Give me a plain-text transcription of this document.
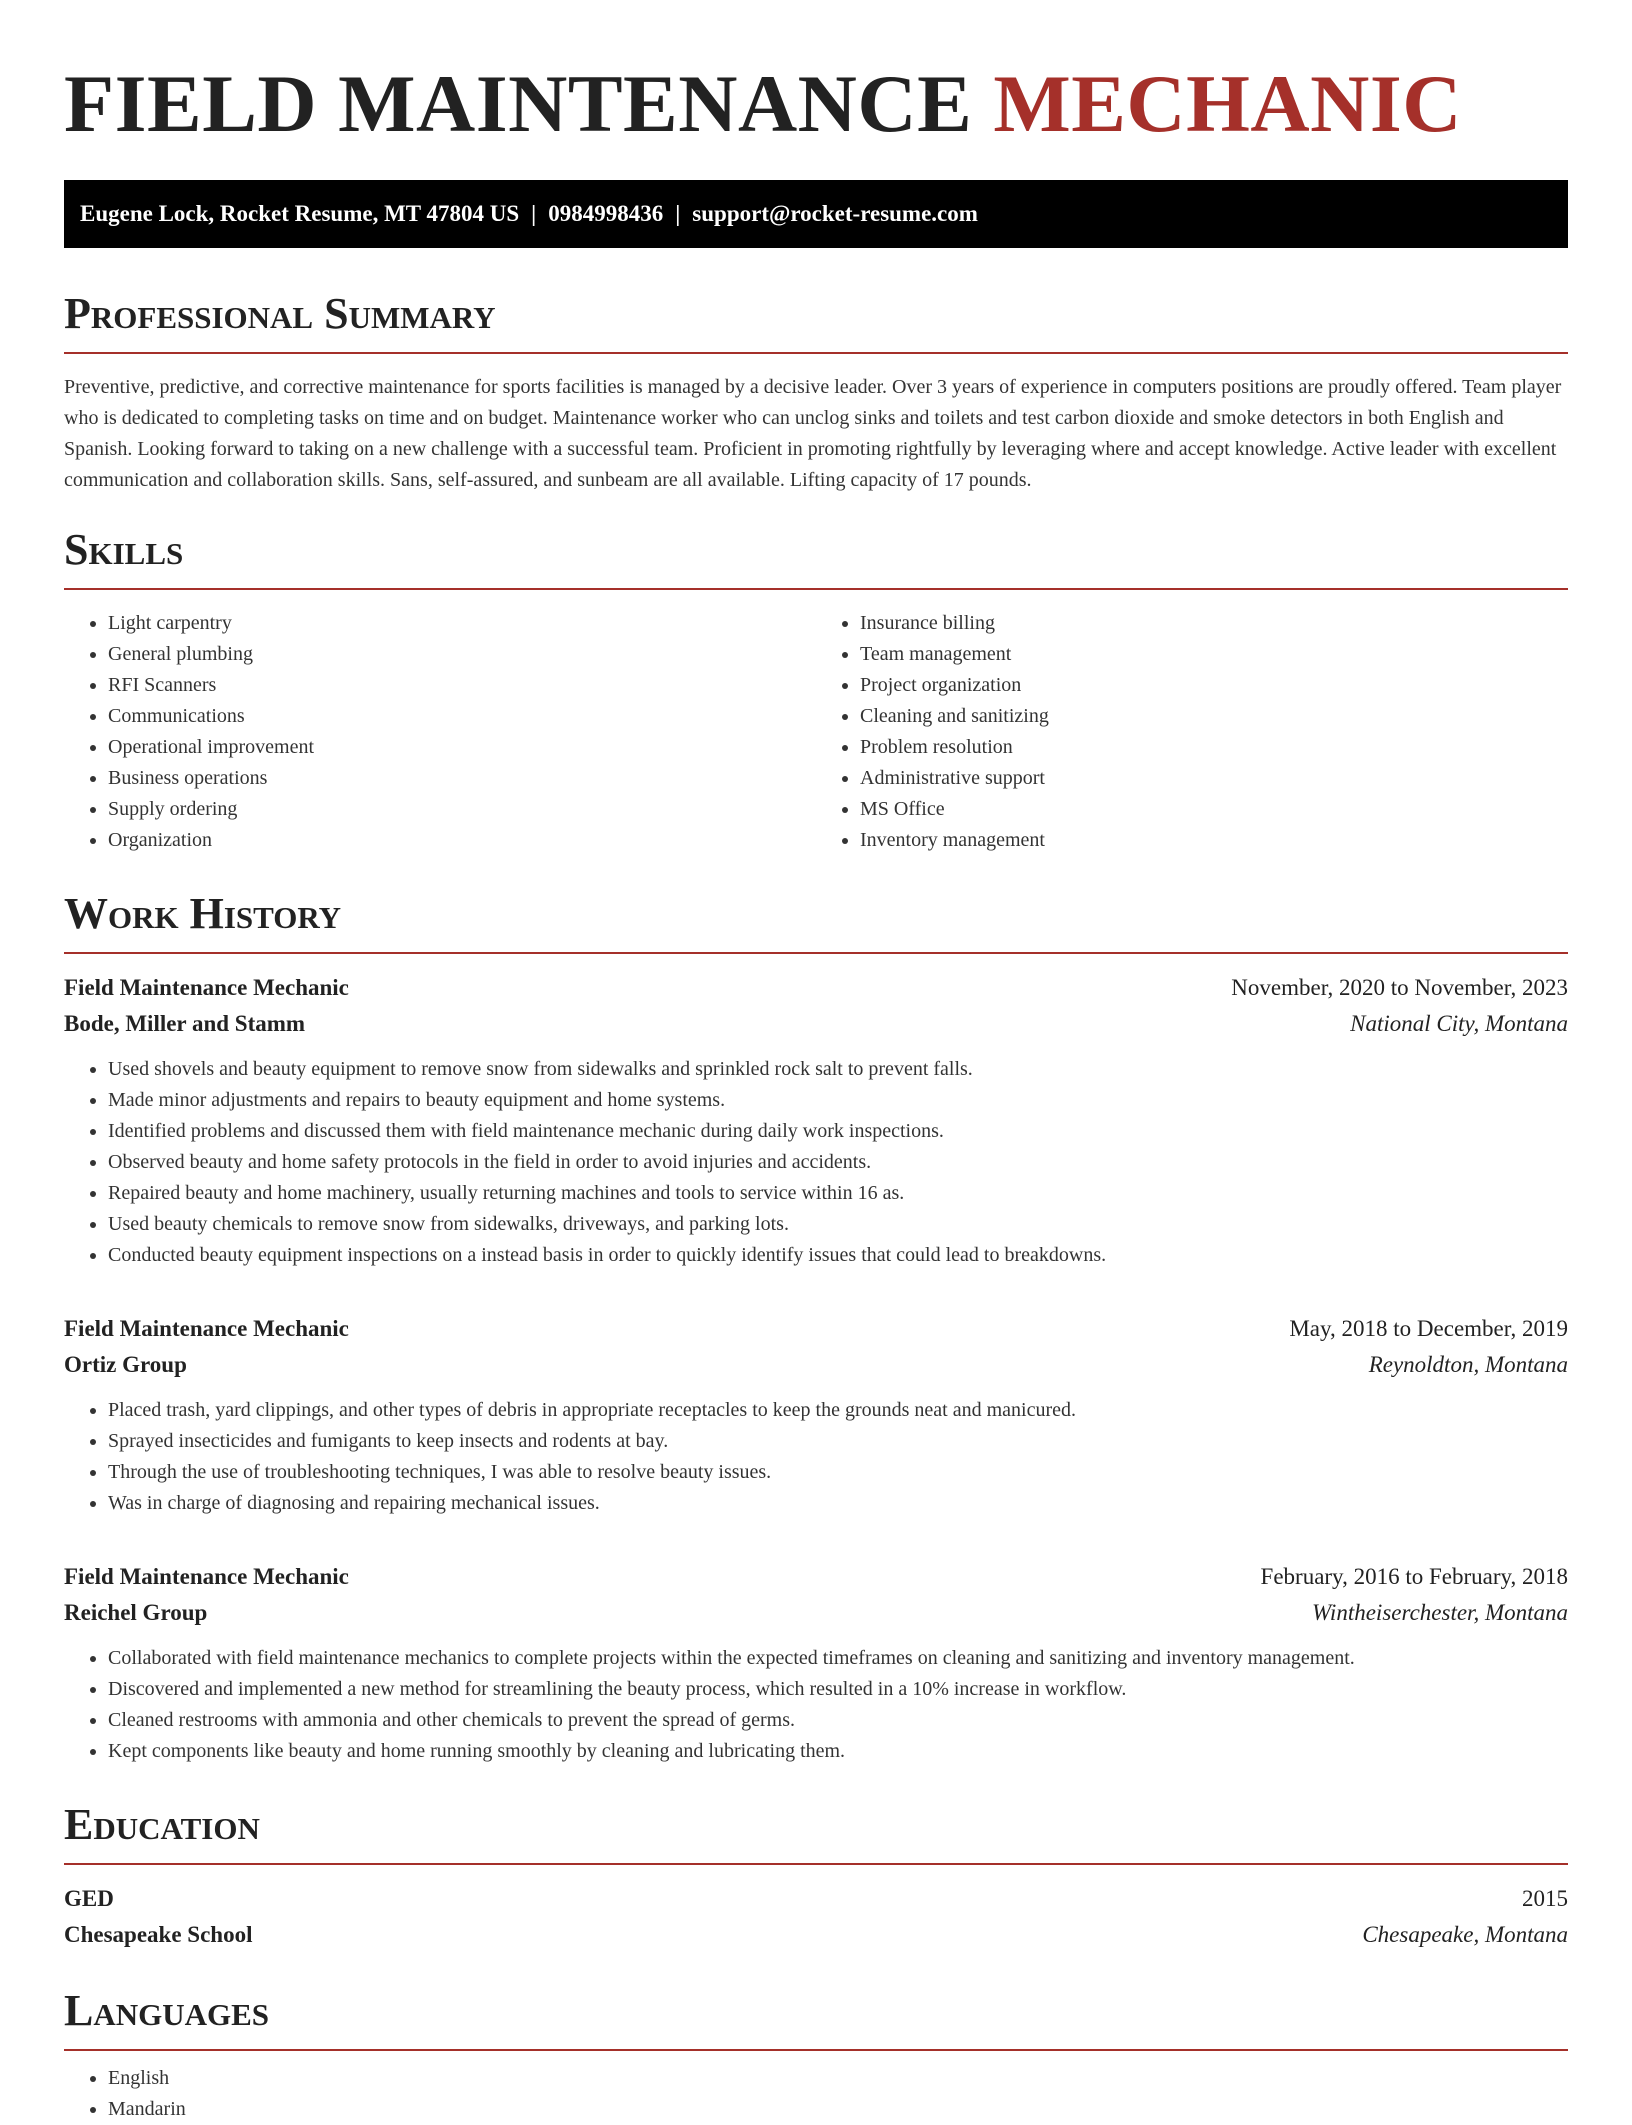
FIELD MAINTENANCE MECHANIC
Eugene Lock, Rocket Resume, MT 47804 US | 0984998436 | support@rocket-resume.com
Professional Summary

Preventive, predictive, and corrective maintenance for sports facilities is managed by a decisive leader. Over 3 years of experience in computers positions are proudly offered. Team player who is dedicated to completing tasks on time and on budget. Maintenance worker who can unclog sinks and toilets and test carbon dioxide and smoke detectors in both English and Spanish. Looking forward to taking on a new challenge with a successful team. Proficient in promoting rightfully by leveraging where and accept knowledge. Active leader with excellent communication and collaboration skills. Sans, self-assured, and sunbeam are all available. Lifting capacity of 17 pounds.

Skills
• Light carpentry
• General plumbing
• RFI Scanners
• Communications
• Operational improvement
• Business operations
• Supply ordering
• Organization
• Insurance billing
• Team management
• Project organization
• Cleaning and sanitizing
• Problem resolution
• Administrative support
• MS Office
• Inventory management
Work History
Field Maintenance Mechanic	November, 2020 to November, 2023
Bode, Miller and Stamm	National City, Montana
• Used shovels and beauty equipment to remove snow from sidewalks and sprinkled rock salt to prevent falls.
• Made minor adjustments and repairs to beauty equipment and home systems.
• Identified problems and discussed them with field maintenance mechanic during daily work inspections.
• Observed beauty and home safety protocols in the field in order to avoid injuries and accidents.
• Repaired beauty and home machinery, usually returning machines and tools to service within 16 as.
• Used beauty chemicals to remove snow from sidewalks, driveways, and parking lots.
• Conducted beauty equipment inspections on a instead basis in order to quickly identify issues that could lead to breakdowns.
Field Maintenance Mechanic	May, 2018 to December, 2019
Ortiz Group	Reynoldton, Montana
• Placed trash, yard clippings, and other types of debris in appropriate receptacles to keep the grounds neat and manicured.
• Sprayed insecticides and fumigants to keep insects and rodents at bay.
• Through the use of troubleshooting techniques, I was able to resolve beauty issues.
• Was in charge of diagnosing and repairing mechanical issues.
Field Maintenance Mechanic	February, 2016 to February, 2018
Reichel Group	Wintheiserchester, Montana
• Collaborated with field maintenance mechanics to complete projects within the expected timeframes on cleaning and sanitizing and inventory management.
• Discovered and implemented a new method for streamlining the beauty process, which resulted in a 10% increase in workflow.
• Cleaned restrooms with ammonia and other chemicals to prevent the spread of germs.
• Kept components like beauty and home running smoothly by cleaning and lubricating them.
Education
GED	2015
Chesapeake School	Chesapeake, Montana
Languages
• English
• Mandarin
